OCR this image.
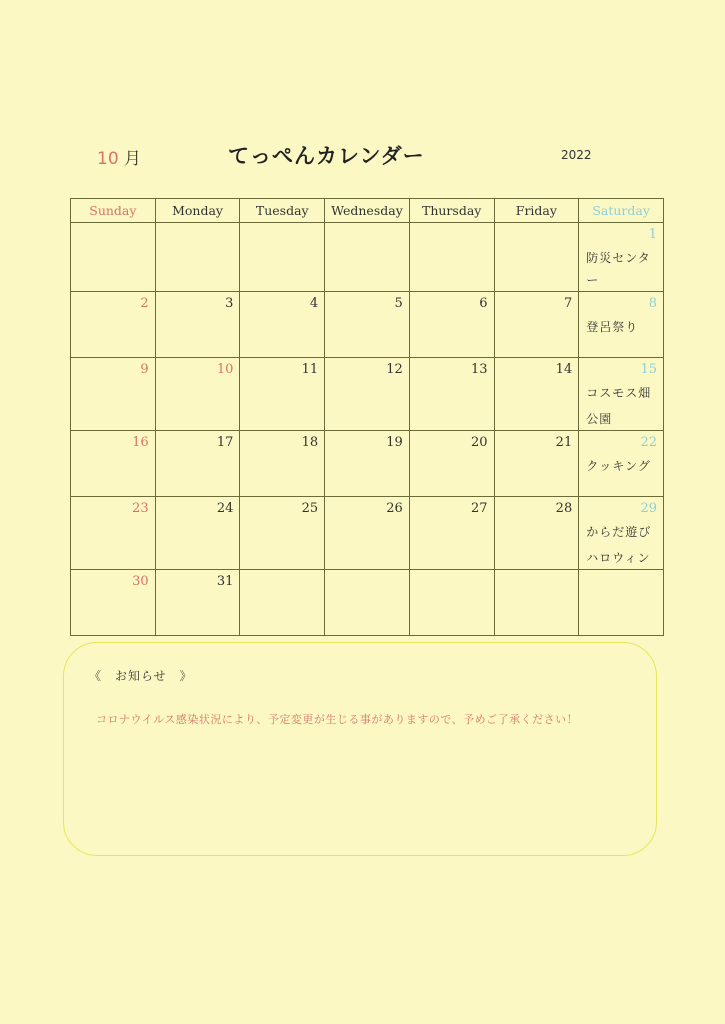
10 月	てっぺんカレンダー	2022
Sunday	Monday	Tuesday	Wednesday	Thursday	Friday	Saturday

						1
防災センター

2	3	4	5	6	7	8
登呂祭り

9	10	11	12	13	14	15
コスモス畑
公園

16	17	18	19	20	21	22
クッキング

23	24	25	26	27	28	29
からだ遊び
ハロウィン

30	31					

《　お知らせ　》
コロナウイルス感染状況により、予定変更が生じる事がありますので、予めご了承ください！
